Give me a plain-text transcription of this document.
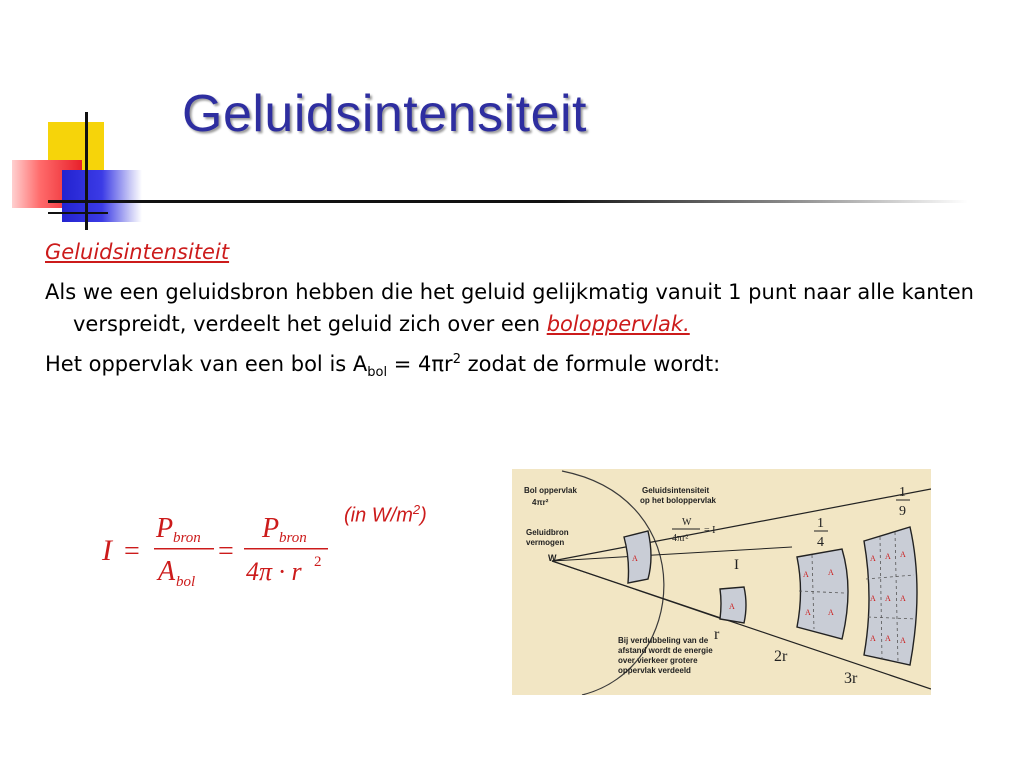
Geluidsintensiteit
Geluidsintensiteit
Als we een geluidsbron hebben die het geluid gelijkmatig vanuit 1 punt naar alle kanten verspreidt, verdeelt het geluid zich over een boloppervlak.
Het oppervlak van een bol is $A_{bol} = 4\pi r^2$ zodat de formule wordt:
I =
P bron
A bol
=
P bron
4π · r 2
(in $W/m^2$)
Bol oppervlak
4πr²
Geluidsintensiteit
op het boloppervlak
Geluidbron
vermogen
W
Bij verdubbeling van de
afstand wordt de energie
over vierkeer grotere
oppervlak verdeeld
W
4πr²
= I
1
9
1
4
I
r
2r
3r
A
A
A A
A A
A A A
A A A
A A A
